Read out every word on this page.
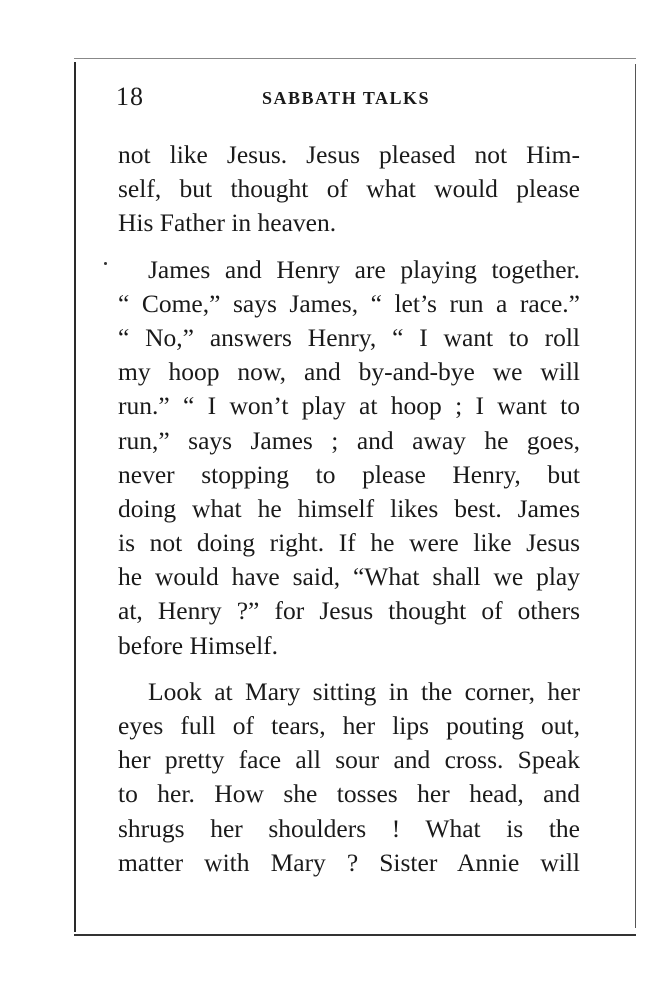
18	SABBATH TALKS
not like Jesus. Jesus pleased not Him-
self, but thought of what would please
His Father in heaven.
James and Henry are playing together.
“ Come,” says James, “ let’s run a race.”
“ No,” answers Henry, “ I want to roll
my hoop now, and by-and-bye we will
run.” “ I won’t play at hoop ; I want to
run,” says James ; and away he goes,
never stopping to please Henry, but
doing what he himself likes best. James
is not doing right. If he were like Jesus
he would have said, “What shall we play
at, Henry ?” for Jesus thought of others
before Himself.
Look at Mary sitting in the corner, her
eyes full of tears, her lips pouting out,
her pretty face all sour and cross. Speak
to her. How she tosses her head, and
shrugs her shoulders ! What is the
matter with Mary ? Sister Annie will
